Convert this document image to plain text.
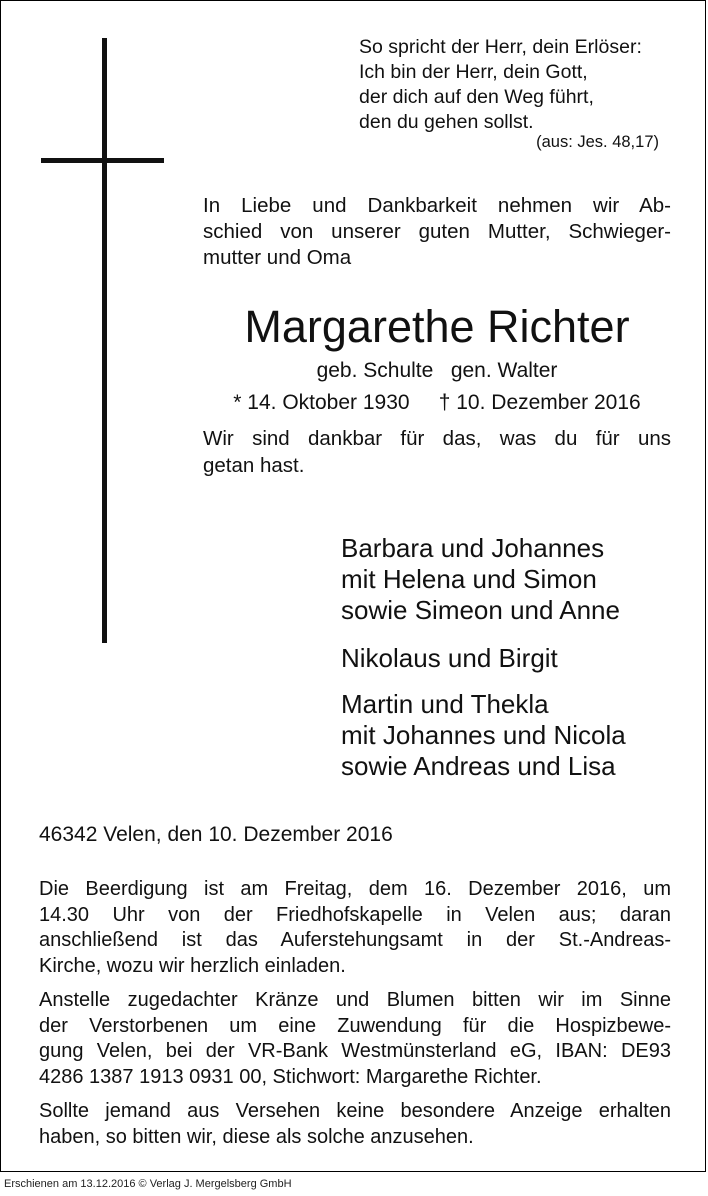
So spricht der Herr, dein Erlöser:
Ich bin der Herr, dein Gott,
der dich auf den Weg führt,
den du gehen sollst.
(aus: Jes. 48,17)
In Liebe und Dankbarkeit nehmen wir Ab-
schied von unserer guten Mutter, Schwieger-
mutter und Oma
Margarethe Richter
geb. Schulte   gen. Walter
* 14. Oktober 1930     † 10. Dezember 2016
Wir sind dankbar für das, was du für uns
getan hast.
Barbara und Johannes
mit Helena und Simon
sowie Simeon und Anne
Nikolaus und Birgit
Martin und Thekla
mit Johannes und Nicola
sowie Andreas und Lisa
46342 Velen, den 10. Dezember 2016
Die Beerdigung ist am Freitag, dem 16. Dezember 2016, um
14.30 Uhr von der Friedhofskapelle in Velen aus; daran
anschließend ist das Auferstehungsamt in der St.-Andreas-
Kirche, wozu wir herzlich einladen.
Anstelle zugedachter Kränze und Blumen bitten wir im Sinne
der Verstorbenen um eine Zuwendung für die Hospizbewe-
gung Velen, bei der VR-Bank Westmünsterland eG, IBAN: DE93
4286 1387 1913 0931 00, Stichwort: Margarethe Richter.
Sollte jemand aus Versehen keine besondere Anzeige erhalten
haben, so bitten wir, diese als solche anzusehen.
Erschienen am 13.12.2016 © Verlag J. Mergelsberg GmbH
